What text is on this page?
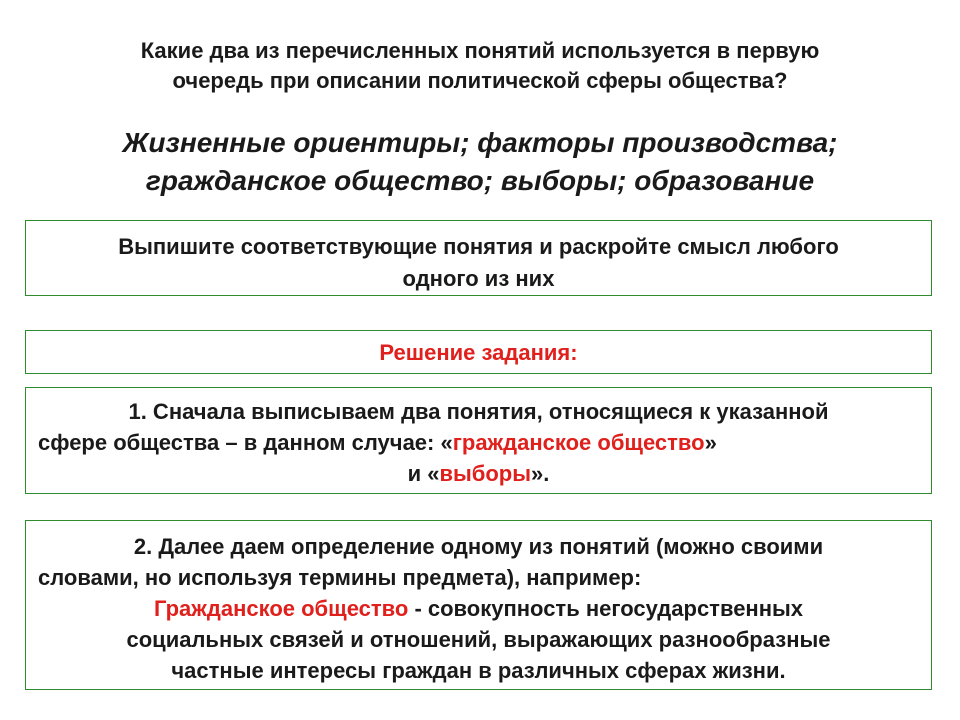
Какие два из перечисленных понятий используется в первую
очередь при описании политической сферы общества?
Жизненные ориентиры; факторы производства;
гражданское общество; выборы; образование
Выпишите соответствующие понятия и раскройте смысл любого
одного из них
Решение задания:
1. Сначала выписываем два понятия, относящиеся к указанной
сфере общества – в данном случае: «гражданское общество»
и «выборы».
2. Далее даем определение одному из понятий (можно своими
словами, но используя термины предмета), например:
Гражданское общество - совокупность негосударственных
социальных связей и отношений, выражающих разнообразные
частные интересы граждан в различных сферах жизни.
